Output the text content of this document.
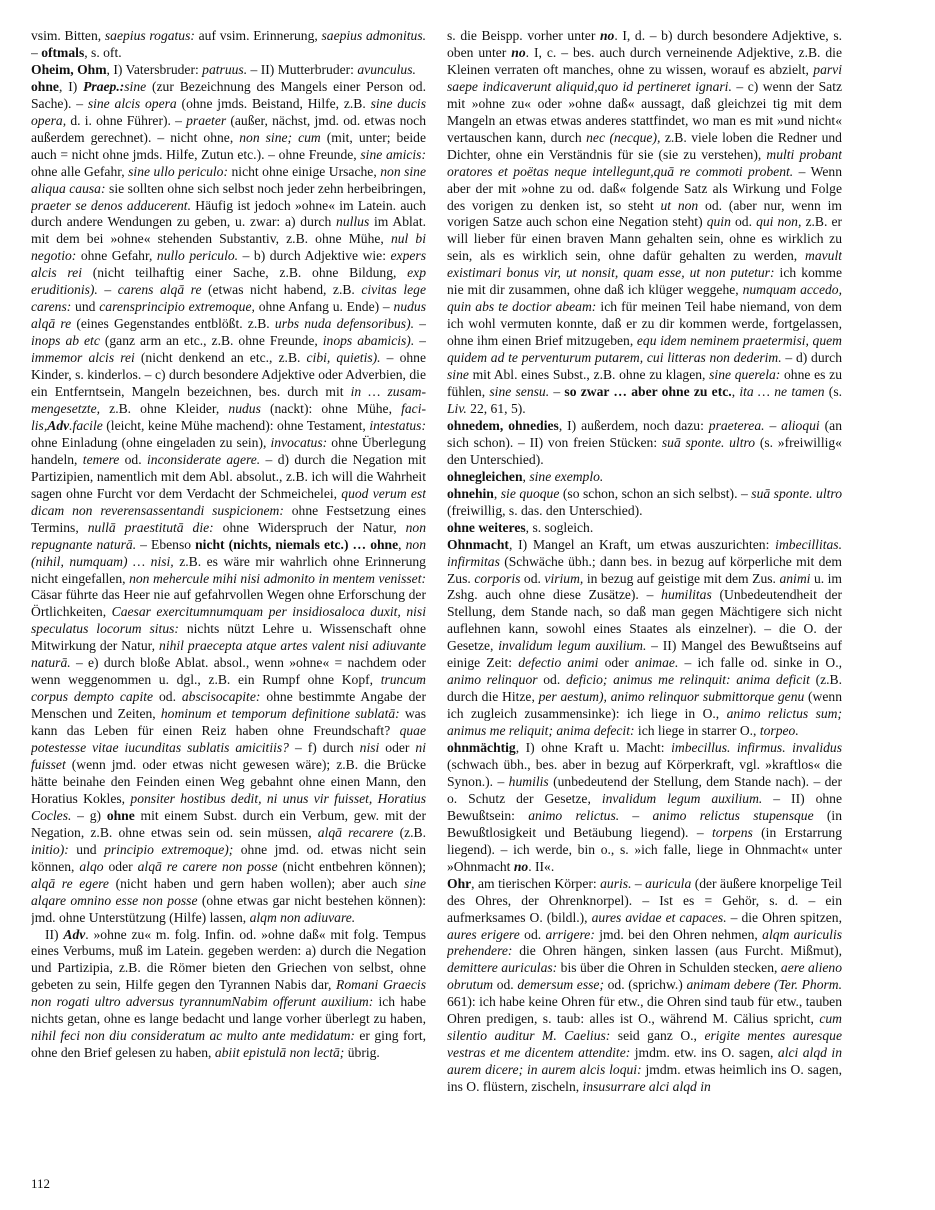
vsim. Bitten, saepius rogatus: auf vsim. Erinnerung, saepius admonitus. – oftmals, s. oft.

Oheim, Ohm, I) Vatersbruder: patruus. – II) Mutterbruder: avunculus.

ohne, I) Praep.:sine (zur Bezeichnung des Mangels einer Person od. Sache). – sine alcis opera (ohne jmds. Beistand, Hilfe, z.B. sine ducis opera, d. i. ohne Führer). – praeter (außer, nächst, jmd. od. etwas noch außerdem gerechnet). – nicht ohne, non sine; cum (mit, unter; beide auch = nicht ohne jmds. Hilfe, Zutun etc.). – ohne Freunde, sine amicis: ohne alle Gefahr, sine ullo periculo: nicht ohne einige Ursache, non sine aliqua causa: sie sollten ohne sich selbst noch jeder zehn herbeibringen, praeter se denos adducerent. Häufig ist jedoch »ohne« im Latein. auch durch andere Wendungen zu geben, u. zwar: a) durch nullus im Ablat. mit dem bei »ohne« stehenden Substantiv, z.B. ohne Mühe, nul bi negotio: ohne Gefahr, nullo periculo. – b) durch Adjektive wie: expers alcis rei (nicht teilhaftig einer Sache, z.B. ohne Bildung, exp eruditionis). – carens alqā re (etwas nicht habend, z.B. civitas lege carens: und carensprincipio extremoque, ohne Anfang u. Ende) – nudus alqā re (eines Gegenstandes entblößt. z.B. urbs nuda defensoribus). – inops ab etc (ganz arm an etc., z.B. ohne Freunde, inops abamicis). – immemor alcis rei (nicht denkend an etc., z.B. cibi, quietis). – ohne Kinder, s. kinderlos. – c) durch besondere Adjektive oder Adverbien, die ein Entferntsein, Mangeln bezeichnen, bes. durch mit in … zusammengesetzte, z.B. ohne Kleider, nudus (nackt): ohne Mühe, facilis,Adv.facile (leicht, keine Mühe machend): ohne Testament, intestatus: ohne Einladung (ohne eingeladen zu sein), invocatus: ohne Überlegung handeln, temere od. inconsiderate agere. – d) durch die Negation mit Partizipien, namentlich mit dem Abl. absolut., z.B. ich will die Wahrheit sagen ohne Furcht vor dem Verdacht der Schmeichelei, quod verum est dicam non reverensassentandi suspicionem: ohne Festsetzung eines Termins, nullā praestitutā die: ohne Widerspruch der Natur, non repugnante naturā. – Ebenso nicht (nichts, niemals etc.) … ohne, non (nihil, numquam) … nisi, z.B. es wäre mir wahrlich ohne Erinnerung nicht eingefallen, non mehercule mihi nisi admonito in mentem venisset: Cäsar führte das Heer nie auf gefahrvollen Wegen ohne Erforschung der Örtlichkeiten, Caesar exercitumnumquam per insidiosaloca duxit, nisi speculatus locorum situs: nichts nützt Lehre u. Wissenschaft ohne Mitwirkung der Natur, nihil praecepta atque artes valent nisi adiuvante naturā. – e) durch bloße Ablat. absol., wenn »ohne« = nachdem oder wenn weggenommen u. dgl., z.B. ein Rumpf ohne Kopf, truncum corpus dempto capite od. abscisocapite: ohne bestimmte Angabe der Menschen und Zeiten, hominum et temporum definitione sublatā: was kann das Leben für einen Reiz haben ohne Freundschaft? quae potestesse vitae iucunditas sublatis amicitiis? – f) durch nisi oder ni fuisset (wenn jmd. oder etwas nicht gewesen wäre); z.B. die Brücke hätte beinahe den Feinden einen Weg gebahnt ohne einen Mann, den Horatius Kokles, ponsiter hostibus dedit, ni unus vir fuisset, Horatius Cocles. – g) ohne mit einem Subst. durch ein Verbum, gew. mit der Negation, z.B. ohne etwas sein od. sein müssen, alqā recarere (z.B. initio): und principio extremoque); ohne jmd. od. etwas nicht sein können, alqo oder alqā re carere non posse (nicht entbehren können); alqā re egere (nicht haben und gern haben wollen); aber auch sine alqare omnino esse non posse (ohne etwas gar nicht bestehen können): jmd. ohne Unterstützung (Hilfe) lassen, alqm non adiuvare.

II) Adv. »ohne zu« m. folg. Infin. od. »ohne daß« mit folg. Tempus eines Verbums, muß im Latein. gegeben werden: a) durch die Negation und Partizipia, z.B. die Römer bieten den Griechen von selbst, ohne gebeten zu sein, Hilfe gegen den Tyrannen Nabis dar, Romani Graecis non rogati ultro adversus tyrannumNabim offerunt auxilium: ich habe nichts getan, ohne es lange bedacht und lange vorher überlegt zu haben, nihil feci non diu consideratum ac multo ante medidatum: er ging fort, ohne den Brief gelesen zu haben, abiit epistulā non lectā; übrig.

s. die Beispp. vorher unter no. I, d. – b) durch besondere Adjektive, s. oben unter no. I, c. – bes. auch durch verneinende Adjektive, z.B. die Kleinen verraten oft manches, ohne zu wissen, worauf es abzielt, parvi saepe indicaverunt aliquid,quo id pertineret ignari. – c) wenn der Satz mit »ohne zu« oder »ohne daß« aussagt, daß gleichzei tig mit dem Mangeln an etwas etwas anderes stattfindet, wo man es mit »und nicht« vertauschen kann, durch nec (necque), z.B. viele loben die Redner und Dichter, ohne ein Verständnis für sie (sie zu verstehen), multi probant oratores et poëtas neque intellegunt,quā re commoti probent. – Wenn aber der mit »ohne zu od. daß« folgende Satz als Wirkung und Folge des vorigen zu denken ist, so steht ut non od. (aber nur, wenn im vorigen Satze auch schon eine Negation steht) quin od. qui non, z.B. er will lieber für einen braven Mann gehalten sein, ohne es wirklich zu sein, als es wirklich sein, ohne dafür gehalten zu werden, mavult existimari bonus vir, ut nonsit, quam esse, ut non putetur: ich komme nie mit dir zusammen, ohne daß ich klüger weggehe, numquam accedo, quin abs te doctior abeam: ich für meinen Teil habe niemand, von dem ich wohl vermuten konnte, daß er zu dir kommen werde, fortgelassen, ohne ihm einen Brief mitzugeben, equ idem neminem praetermisi, quem quidem ad te perventurum putarem, cui litteras non dederim. – d) durch sine mit Abl. eines Subst., z.B. ohne zu klagen, sine querela: ohne es zu fühlen, sine sensu. – so zwar … aber ohne zu etc., ita … ne tamen (s. Liv. 22, 61, 5).

ohnedem, ohnedies, I) außerdem, noch dazu: praeterea. – alioqui (an sich schon). – II) von freien Stücken: suā sponte. ultro (s. »freiwillig« den Unterschied).

ohnegleichen, sine exemplo.

ohnehin, sie quoque (so schon, schon an sich selbst). – suā sponte. ultro (freiwillig, s. das. den Unterschied).

ohne weiteres, s. sogleich.

Ohnmacht, I) Mangel an Kraft, um etwas auszurichten: imbecillitas. infirmitas (Schwäche übh.; dann bes. in bezug auf körperliche mit dem Zus. corporis od. virium, in bezug auf geistige mit dem Zus. animi u. im Zshg. auch ohne diese Zusätze). – humilitas (Unbedeutendheit der Stellung, dem Stande nach, so daß man gegen Mächtigere sich nicht auflehnen kann, sowohl eines Staates als einzelner). – die O. der Gesetze, invalidum legum auxilium. – II) Mangel des Bewußtseins auf einige Zeit: defectio animi oder animae. – ich falle od. sinke in O., animo relinquor od. deficio; animus me relinquit: anima deficit (z.B. durch die Hitze, per aestum), animo relinquor submittorque genu (wenn ich zugleich zusammensinke): ich liege in O., animo relictus sum; animus me reliquit; anima defecit: ich liege in starrer O., torpeo.

ohnmächtig, I) ohne Kraft u. Macht: imbecillus. infirmus. invalidus (schwach übh., bes. aber in bezug auf Körperkraft, vgl. »kraftlos« die Synon.). – humilis (unbedeutend der Stellung, dem Stande nach). – der o. Schutz der Gesetze, invalidum legum auxilium. – II) ohne Bewußtsein: animo relictus. – animo relictus stupensque (in Bewußtlosigkeit und Betäubung liegend). – torpens (in Erstarrung liegend). – ich werde, bin o., s. »ich falle, liege in Ohnmacht« unter »Ohnmacht no. II«.

Ohr, am tierischen Körper: auris. – auricula (der äußere knorpelige Teil des Ohres, der Ohrenknorpel). – Ist es = Gehör, s. d. – ein aufmerksames O. (bildl.), aures avidae et capaces. – die Ohren spitzen, aures erigere od. arrigere: jmd. bei den Ohren nehmen, alqm auriculis prehendere: die Ohren hängen, sinken lassen (aus Furcht. Mißmut), demittere auriculas: bis über die Ohren in Schulden stecken, aere alieno obrutum od. demersum esse; od. (sprichw.) animam debere (Ter. Phorm. 661): ich habe keine Ohren für etw., die Ohren sind taub für etw., tauben Ohren predigen, s. taub: alles ist O., während M. Cälius spricht, cum silentio auditur M. Caelius: seid ganz O., erigite mentes auresque vestras et me dicentem attendite: jmdm. etw. ins O. sagen, alci alqd in aurem dicere; in aurem alcis loqui: jmdm. etwas heimlich ins O. sagen, ins O. flüstern, zischeln, insusurrare alci alqd in

112
